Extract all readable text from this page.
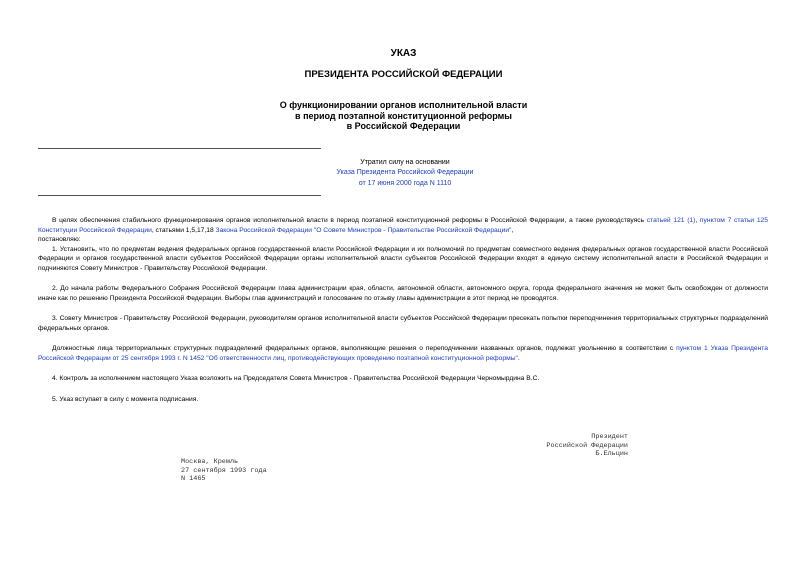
УКАЗ
ПРЕЗИДЕНТА РОССИЙСКОЙ ФЕДЕРАЦИИ
О функционировании органов исполнительной власти
в период поэтапной конституционной реформы
в Российской Федерации
Утратил силу на основании
Указа Президента Российской Федерации
от 17 июня 2000 года N 1110

В целях обеспечения стабильного функционирования органов исполнительной власти в период поэтапной конституционной реформы в Российской Федерации, а также руководствуясь статьей 121 (1), пунктом 7 статьи 125 Конституции Российской Федерации, статьями 1,5,17,18 Закона Российской Федерации "О Совете Министров - Правительстве Российской Федерации",

постановляю:

1. Установить, что по предметам ведения федеральных органов государственной власти Российской Федерации и их полномочий по предметам совместного ведения федеральных органов государственной власти Российской Федерации и органов государственной власти субъектов Российской Федерации органы исполнительной власти субъектов Российской Федерации входят в единую систему исполнительной власти в Российской Федерации и подчиняются Совету Министров - Правительству Российской Федерации.

2. До начала работы Федерального Собрания Российской Федерации глава администрации края, области, автономной области, автономного округа, города федерального значения не может быть освобожден от должности иначе как по решению Президента Российской Федерации. Выборы глав администраций и голосование по отзыву главы администрации в этот период не проводятся.

3. Совету Министров - Правительству Российской Федерации, руководителям органов исполнительной власти субъектов Российской Федерации пресекать попытки переподчинения территориальных структурных подразделений федеральных органов.

Должностные лица территориальных структурных подразделений федеральных органов, выполняющие решения о переподчинении названных органов, подлежат увольнению в соответствии с пунктом 1 Указа Президента Российской Федерации от 25 сентября 1993 г. N 1452 "Об ответственности лиц, противодействующих проведению поэтапной конституционной реформы".

4. Контроль за исполнением настоящего Указа возложить на Председателя Совета Министров - Правительства Российской Федерации Черномырдина В.С.

5. Указ вступает в силу с момента подписания.

Президент
Российской Федерации
Б.Ельцин
Москва, Кремль
27 сентября 1993 года
N 1465
